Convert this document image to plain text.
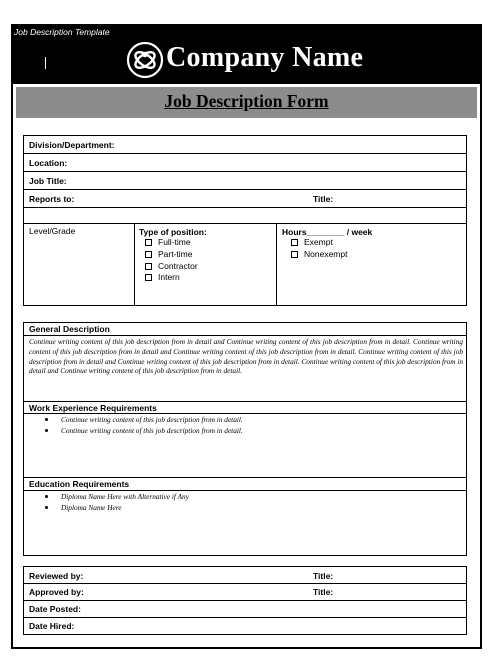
Job Description Template
Company Name
Job Description Form
Division/Department:
Location:
Job Title:
Reports to:	Title:
Level/Grade	Type of position:
Full-time
Part-time
Contractor
Intern
Hours________ / week
Exempt
Nonexempt
General Description
Continue writing content of this job description from in detail and Continue writing content of this job description from in detail. Continue writing content of this job description from in detail and Continue writing content of this job description from in detail. Continue writing content of this job description from in detail and Continue writing content of this job description from in detail. Continue writing content of this job description from in detail and Continue writing content of this job description from in detail.
Work Experience Requirements
Continue writing content of this job description from in detail.
Continue writing content of this job description from in detail.
Education Requirements
Diploma Name Here with Alternative if Any
Diploma Name Here
Reviewed by:	Title:
Approved by:	Title:
Date Posted:
Date Hired:
